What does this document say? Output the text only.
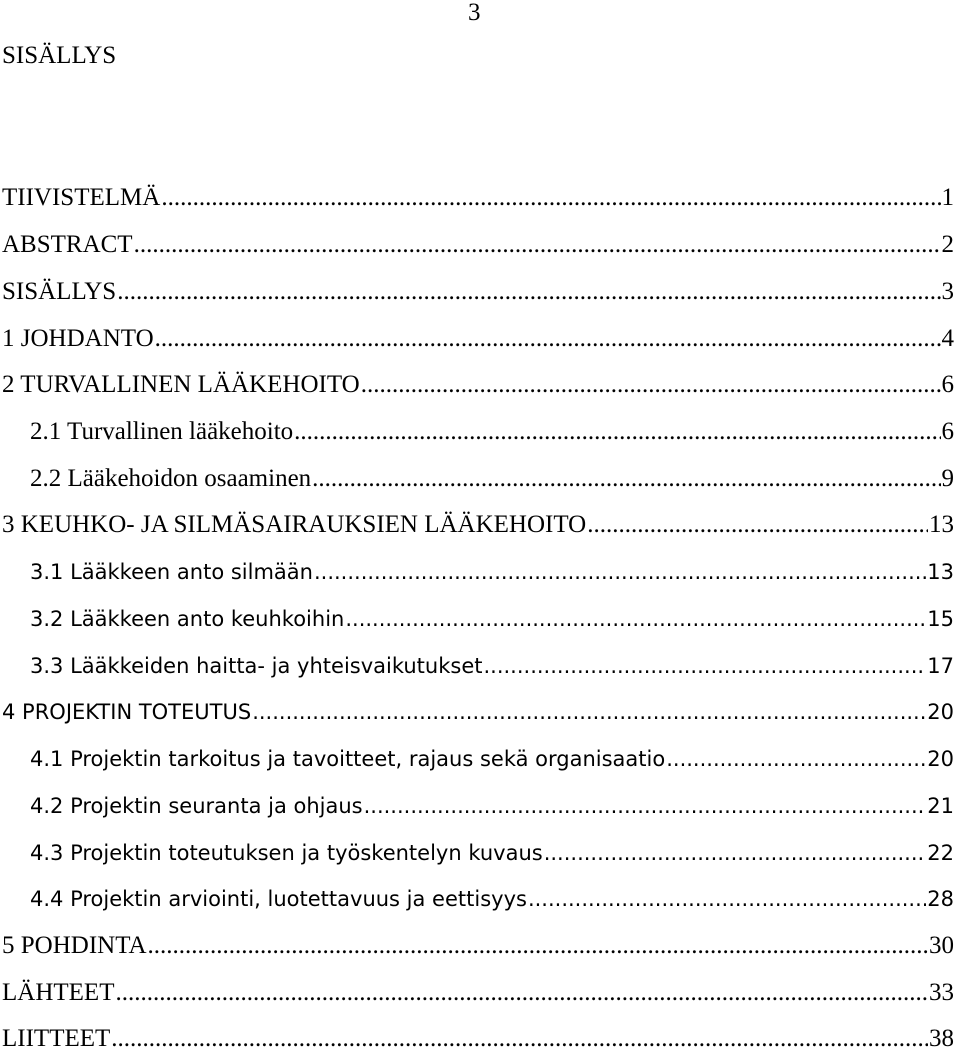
3
SISÄLLYS
TIIVISTELMÄ .....	1
ABSTRACT .....	2
SISÄLLYS .....	3
1 JOHDANTO .....	4
2 TURVALLINEN LÄÄKEHOITO .....	6
2.1 Turvallinen lääkehoito .....	6
2.2 Lääkehoidon osaaminen .....	9
3 KEUHKO- JA SILMÄSAIRAUKSIEN LÄÄKEHOITO .....	13
3.1 Lääkkeen anto silmään .....	13
3.2 Lääkkeen anto keuhkoihin .....	15
3.3 Lääkkeiden haitta- ja yhteisvaikutukset .....	17
4 PROJEKTIN TOTEUTUS .....	20
4.1 Projektin tarkoitus ja tavoitteet, rajaus sekä organisaatio .....	20
4.2 Projektin seuranta ja ohjaus .....	21
4.3 Projektin toteutuksen ja työskentelyn kuvaus .....	22
4.4 Projektin arviointi, luotettavuus ja eettisyys .....	28
5 POHDINTA .....	30
LÄHTEET .....	33
LIITTEET .....	38
